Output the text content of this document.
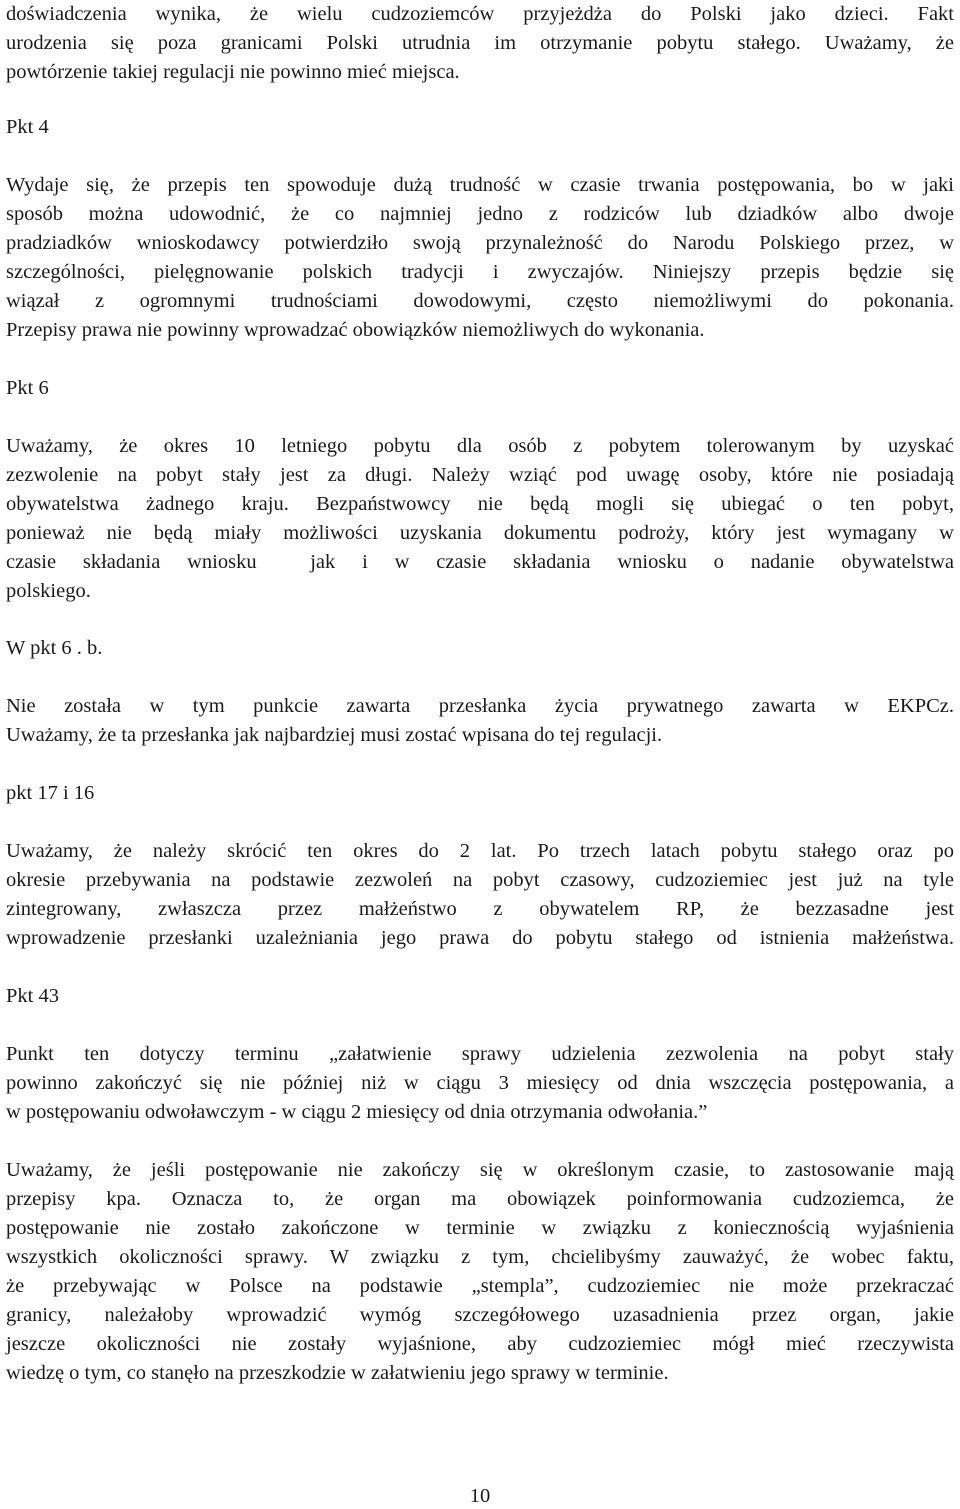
doświadczenia wynika, że wielu cudzoziemców przyjeżdża do Polski jako dzieci. Fakt
urodzenia się poza granicami Polski utrudnia im otrzymanie pobytu stałego. Uważamy, że
powtórzenie takiej regulacji nie powinno mieć miejsca.
Pkt 4
Wydaje się, że przepis ten spowoduje dużą trudność w czasie trwania postępowania, bo w jaki
sposób można udowodnić, że co najmniej jedno z rodziców lub dziadków albo dwoje
pradziadków wnioskodawcy potwierdziło swoją przynależność do Narodu Polskiego przez, w
szczególności, pielęgnowanie polskich tradycji i zwyczajów. Niniejszy przepis będzie się
wiązał z ogromnymi trudnościami dowodowymi, często niemożliwymi do pokonania.
Przepisy prawa nie powinny wprowadzać obowiązków niemożliwych do wykonania.
Pkt 6
Uważamy, że okres 10 letniego pobytu dla osób z pobytem tolerowanym by uzyskać
zezwolenie na pobyt stały jest za długi. Należy wziąć pod uwagę osoby, które nie posiadają
obywatelstwa żadnego kraju. Bezpaństwowcy nie będą mogli się ubiegać o ten pobyt,
ponieważ nie będą miały możliwości uzyskania dokumentu podroży, który jest wymagany w
czasie składania wniosku  jak i w czasie składania wniosku o nadanie obywatelstwa
polskiego.
W pkt 6 . b.
Nie została w tym punkcie zawarta przesłanka życia prywatnego zawarta w EKPCz.
Uważamy, że ta przesłanka jak najbardziej musi zostać wpisana do tej regulacji.
pkt 17 i 16
Uważamy, że należy skrócić ten okres do 2 lat. Po trzech latach pobytu stałego oraz po
okresie przebywania na podstawie zezwoleń na pobyt czasowy, cudzoziemiec jest już na tyle
zintegrowany, zwłaszcza przez małżeństwo z obywatelem RP, że bezzasadne jest
wprowadzenie przesłanki uzależniania jego prawa do pobytu stałego od istnienia małżeństwa.
Pkt 43
Punkt ten dotyczy terminu „załatwienie sprawy udzielenia zezwolenia na pobyt stały
powinno zakończyć się nie później niż w ciągu 3 miesięcy od dnia wszczęcia postępowania, a
w postępowaniu odwoławczym - w ciągu 2 miesięcy od dnia otrzymania odwołania.”
Uważamy, że jeśli postępowanie nie zakończy się w określonym czasie, to zastosowanie mają
przepisy kpa. Oznacza to, że organ ma obowiązek poinformowania cudzoziemca, że
postępowanie nie zostało zakończone w terminie w związku z koniecznością wyjaśnienia
wszystkich okoliczności sprawy. W związku z tym, chcielibyśmy zauważyć, że wobec faktu,
że przebywając w Polsce na podstawie „stempla”, cudzoziemiec nie może przekraczać
granicy, należałoby wprowadzić wymóg szczegółowego uzasadnienia przez organ, jakie
jeszcze okoliczności nie zostały wyjaśnione, aby cudzoziemiec mógł mieć rzeczywista
wiedzę o tym, co stanęło na przeszkodzie w załatwieniu jego sprawy w terminie.
10
